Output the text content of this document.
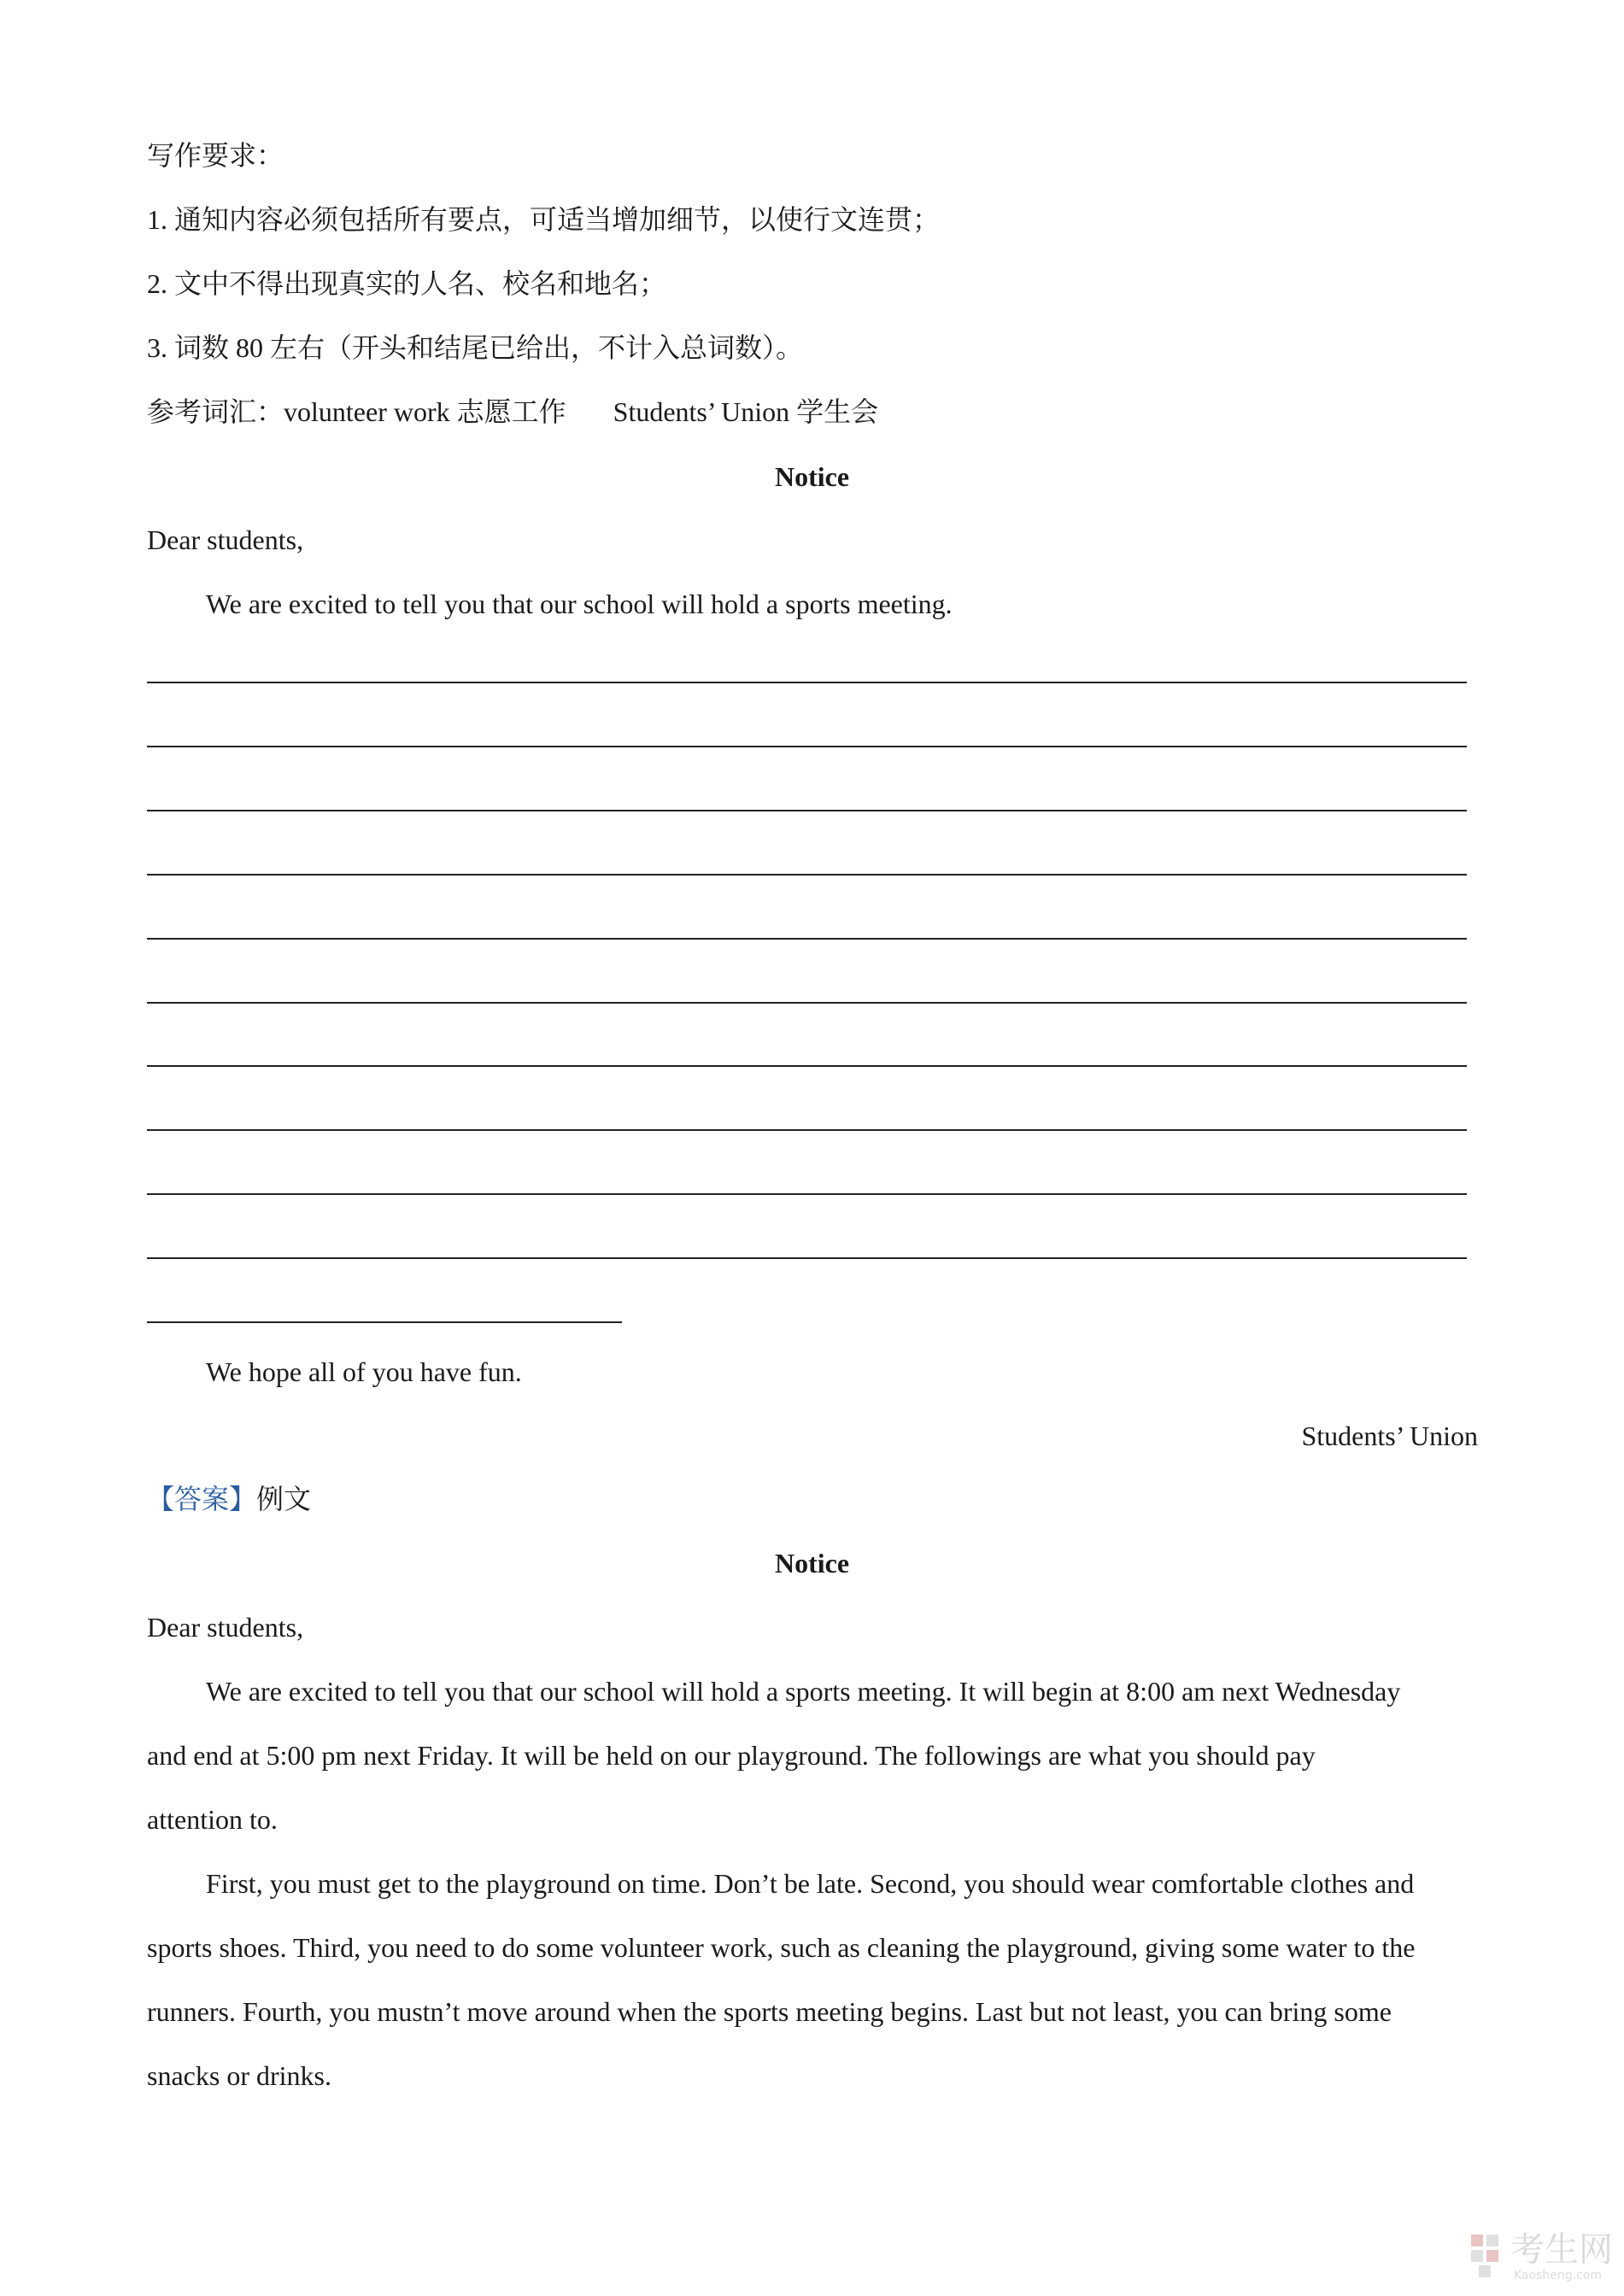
写作要求：
1. 通知内容必须包括所有要点，可适当增加细节，以使行文连贯；
2. 文中不得出现真实的人名、校名和地名；
3. 词数 80 左右（开头和结尾已给出，不计入总词数）。
参考词汇：volunteer work 志愿工作 Students’ Union 学生会
Notice
Dear students,
We are excited to tell you that our school will hold a sports meeting.
We hope all of you have fun.
Students’ Union
【答案】例文
Notice
Dear students,
We are excited to tell you that our school will hold a sports meeting. It will begin at 8:00 am next Wednesday
and end at 5:00 pm next Friday. It will be held on our playground. The followings are what you should pay
attention to.
First, you must get to the playground on time. Don’t be late. Second, you should wear comfortable clothes and
sports shoes. Third, you need to do some volunteer work, such as cleaning the playground, giving some water to the
runners. Fourth, you mustn’t move around when the sports meeting begins. Last but not least, you can bring some
snacks or drinks.
考生网
Kaosheng.com
